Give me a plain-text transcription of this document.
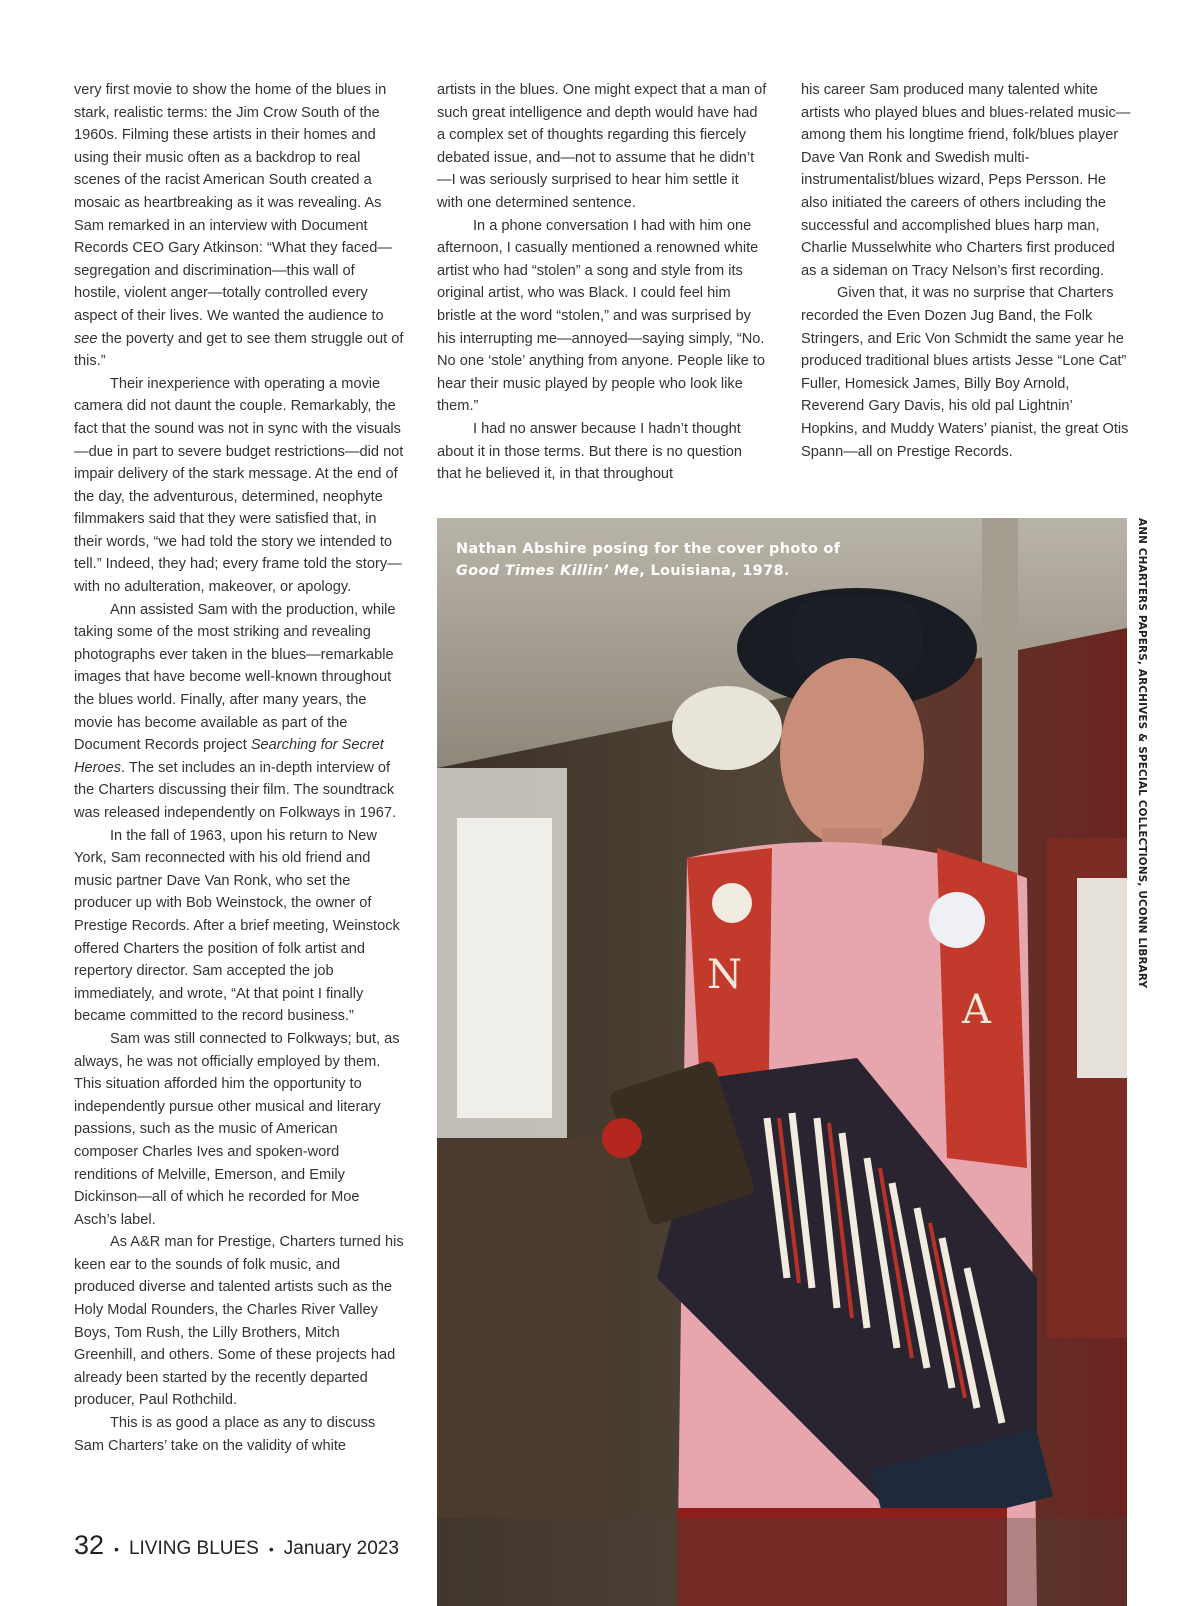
very first movie to show the home of the blues in stark, realistic terms: the Jim Crow South of the 1960s. Filming these artists in their homes and using their music often as a backdrop to real scenes of the racist American South created a mosaic as heartbreaking as it was revealing. As Sam remarked in an interview with Document Records CEO Gary Atkinson: “What they faced—segregation and discrimination—this wall of hostile, violent anger—totally controlled every aspect of their lives. We wanted the audience to see the poverty and get to see them struggle out of this.”

Their inexperience with operating a movie camera did not daunt the couple. Remarkably, the fact that the sound was not in sync with the visuals—due in part to severe budget restrictions—did not impair delivery of the stark message. At the end of the day, the adventurous, determined, neophyte filmmakers said that they were satisfied that, in their words, “we had told the story we intended to tell.” Indeed, they had; every frame told the story—with no adulteration, makeover, or apology.

Ann assisted Sam with the production, while taking some of the most striking and revealing photographs ever taken in the blues—remarkable images that have become well-known throughout the blues world. Finally, after many years, the movie has become available as part of the Document Records project Searching for Secret Heroes. The set includes an in-depth interview of the Charters discussing their film. The soundtrack was released independently on Folkways in 1967.

In the fall of 1963, upon his return to New York, Sam reconnected with his old friend and music partner Dave Van Ronk, who set the producer up with Bob Weinstock, the owner of Prestige Records. After a brief meeting, Weinstock offered Charters the position of folk artist and repertory director. Sam accepted the job immediately, and wrote, “At that point I finally became committed to the record business.”

Sam was still connected to Folkways; but, as always, he was not officially employed by them. This situation afforded him the opportunity to independently pursue other musical and literary passions, such as the music of American composer Charles Ives and spoken-word renditions of Melville, Emerson, and Emily Dickinson—all of which he recorded for Moe Asch’s label.

As A&R man for Prestige, Charters turned his keen ear to the sounds of folk music, and produced diverse and talented artists such as the Holy Modal Rounders, the Charles River Valley Boys, Tom Rush, the Lilly Brothers, Mitch Greenhill, and others. Some of these projects had already been started by the recently departed producer, Paul Rothchild.

This is as good a place as any to discuss Sam Charters’ take on the validity of white

artists in the blues. One might expect that a man of such great intelligence and depth would have had a complex set of thoughts regarding this fiercely debated issue, and—not to assume that he didn’t—I was seriously surprised to hear him settle it with one determined sentence.

In a phone conversation I had with him one afternoon, I casually mentioned a renowned white artist who had “stolen” a song and style from its original artist, who was Black. I could feel him bristle at the word “stolen,” and was surprised by his interrupting me—annoyed—saying simply, “No. No one ‘stole’ anything from anyone. People like to hear their music played by people who look like them.”

I had no answer because I hadn’t thought about it in those terms. But there is no question that he believed it, in that throughout

his career Sam produced many talented white artists who played blues and blues-related music—among them his longtime friend, folk/blues player Dave Van Ronk and Swedish multi-instrumentalist/blues wizard, Peps Persson. He also initiated the careers of others including the successful and accomplished blues harp man, Charlie Musselwhite who Charters first produced as a sideman on Tracy Nelson’s first recording.

Given that, it was no surprise that Charters recorded the Even Dozen Jug Band, the Folk Stringers, and Eric Von Schmidt the same year he produced traditional blues artists Jesse “Lone Cat” Fuller, Homesick James, Billy Boy Arnold, Reverend Gary Davis, his old pal Lightnin’ Hopkins, and Muddy Waters’ pianist, the great Otis Spann—all on Prestige Records.

N
A
Nathan Abshire posing for the cover photo of
Good Times Killin’ Me, Louisiana, 1978.	ANN CHARTERS PAPERS, ARCHIVES & SPECIAL COLLECTIONS, UCONN LIBRARY
32 • LIVING BLUES • January 2023
